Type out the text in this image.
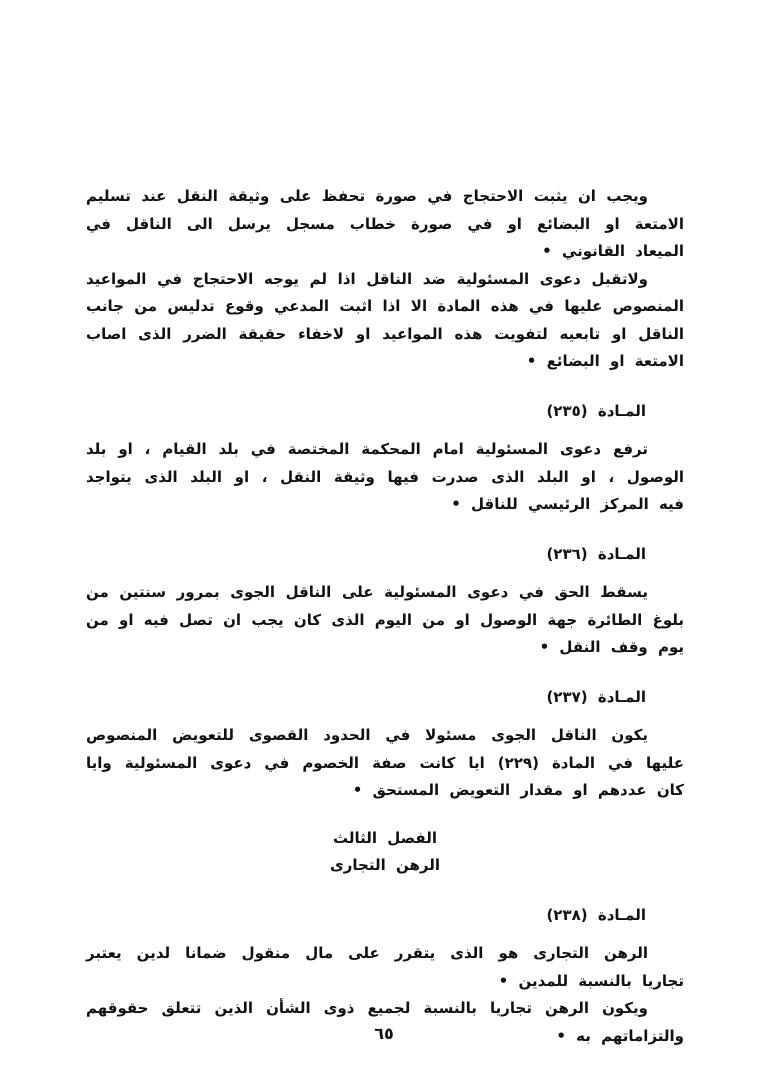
ويجب ان يثبت الاحتجاج في صورة تحفظ على وثيقة النقل عند تسليم الامتعة او البضائع او في صورة خطاب مسجل يرسل الى الناقل في الميعاد القانوني •

ولاتقبل دعوى المسئولية ضد الناقل اذا لم يوجه الاحتجاج في المواعيد المنصوص عليها في هذه المادة الا اذا اثبت المدعي وقوع تدليس من جانب الناقل او تابعيه لتفويت هذه المواعيد او لاخفاء حقيقة الضرر الذى اصاب الامتعة او البضائع •

المـادة (٢٣٥)

ترفع دعوى المسئولية امام المحكمة المختصة في بلد القيام ، او بلد الوصول ، او البلد الذى صدرت فيها وثيقة النقل ، او البلد الذى يتواجد فيه المركز الرئيسي للناقل •

المـادة (٢٣٦)

يسقط الحق في دعوى المسئولية على الناقل الجوى بمرور سنتين من بلوغ الطائرة جهة الوصول او من اليوم الذى كان يجب ان تصل فيه او من يوم وقف النقل •

المـادة (٢٣٧)

يكون الناقل الجوى مسئولا في الحدود القصوى للتعويض المنصوص عليها في المادة (٢٢٩) ايا كانت صفة الخصوم في دعوى المسئولية وايا كان عددهم او مقدار التعويض المستحق •

الفصل الثالث

الرهن التجارى

المـادة (٢٣٨)

الرهن التجارى هو الذى يتقرر على مال منقول ضمانا لدين يعتبر تجاريا بالنسبة للمدين •

ويكون الرهن تجاريا بالنسبة لجميع ذوى الشأن الذين تتعلق حقوقهم والتزاماتهم به •

٦٥
